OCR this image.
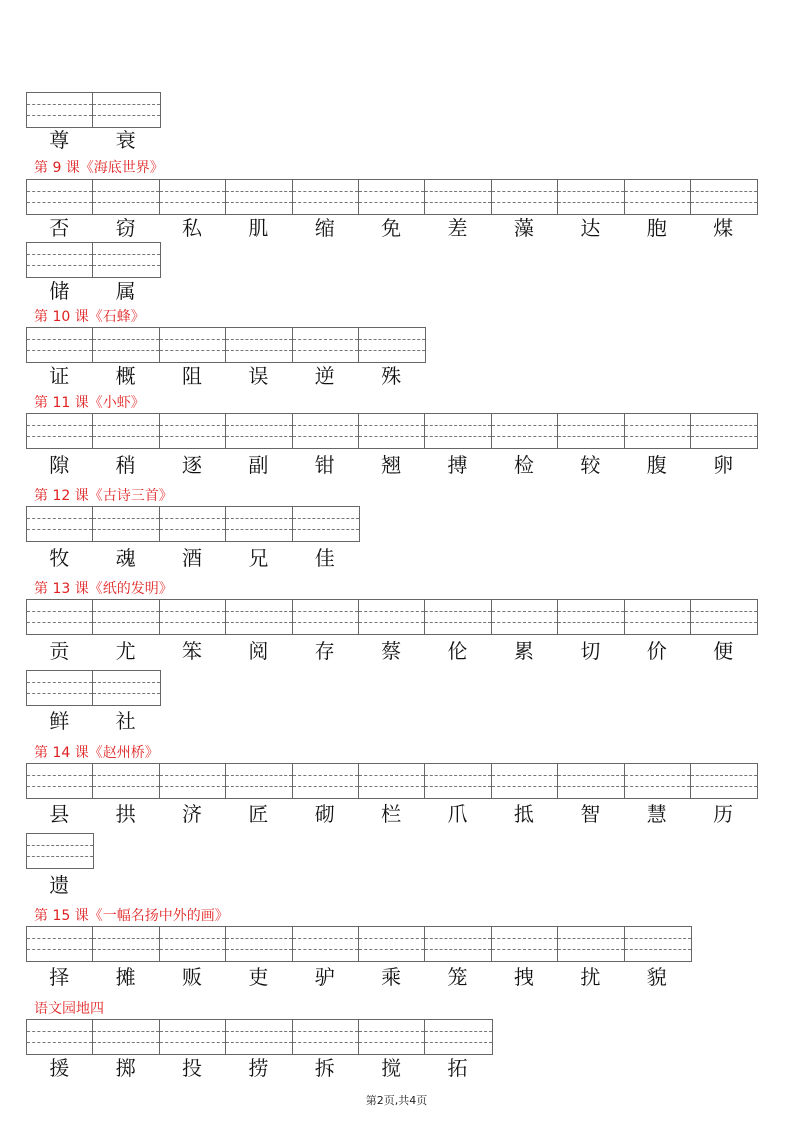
尊	衰
第 9 课《海底世界》
否	窃	私	肌	缩	免	差	藻	达	胞	煤
储	属
第 10 课《石蜂》
证	概	阻	误	逆	殊
第 11 课《小虾》
隙	稍	逐	副	钳	翘	搏	检	较	腹	卵
第 12 课《古诗三首》
牧	魂	酒	兄	佳
第 13 课《纸的发明》
贡	尤	笨	阅	存	蔡	伦	累	切	价	便
鲜	社
第 14 课《赵州桥》
县	拱	济	匠	砌	栏	爪	抵	智	慧	历
遗
第 15 课《一幅名扬中外的画》
择	摊	贩	吏	驴	乘	笼	拽	扰	貌
语文园地四
援	掷	投	捞	拆	搅	拓
第2页,共4页
